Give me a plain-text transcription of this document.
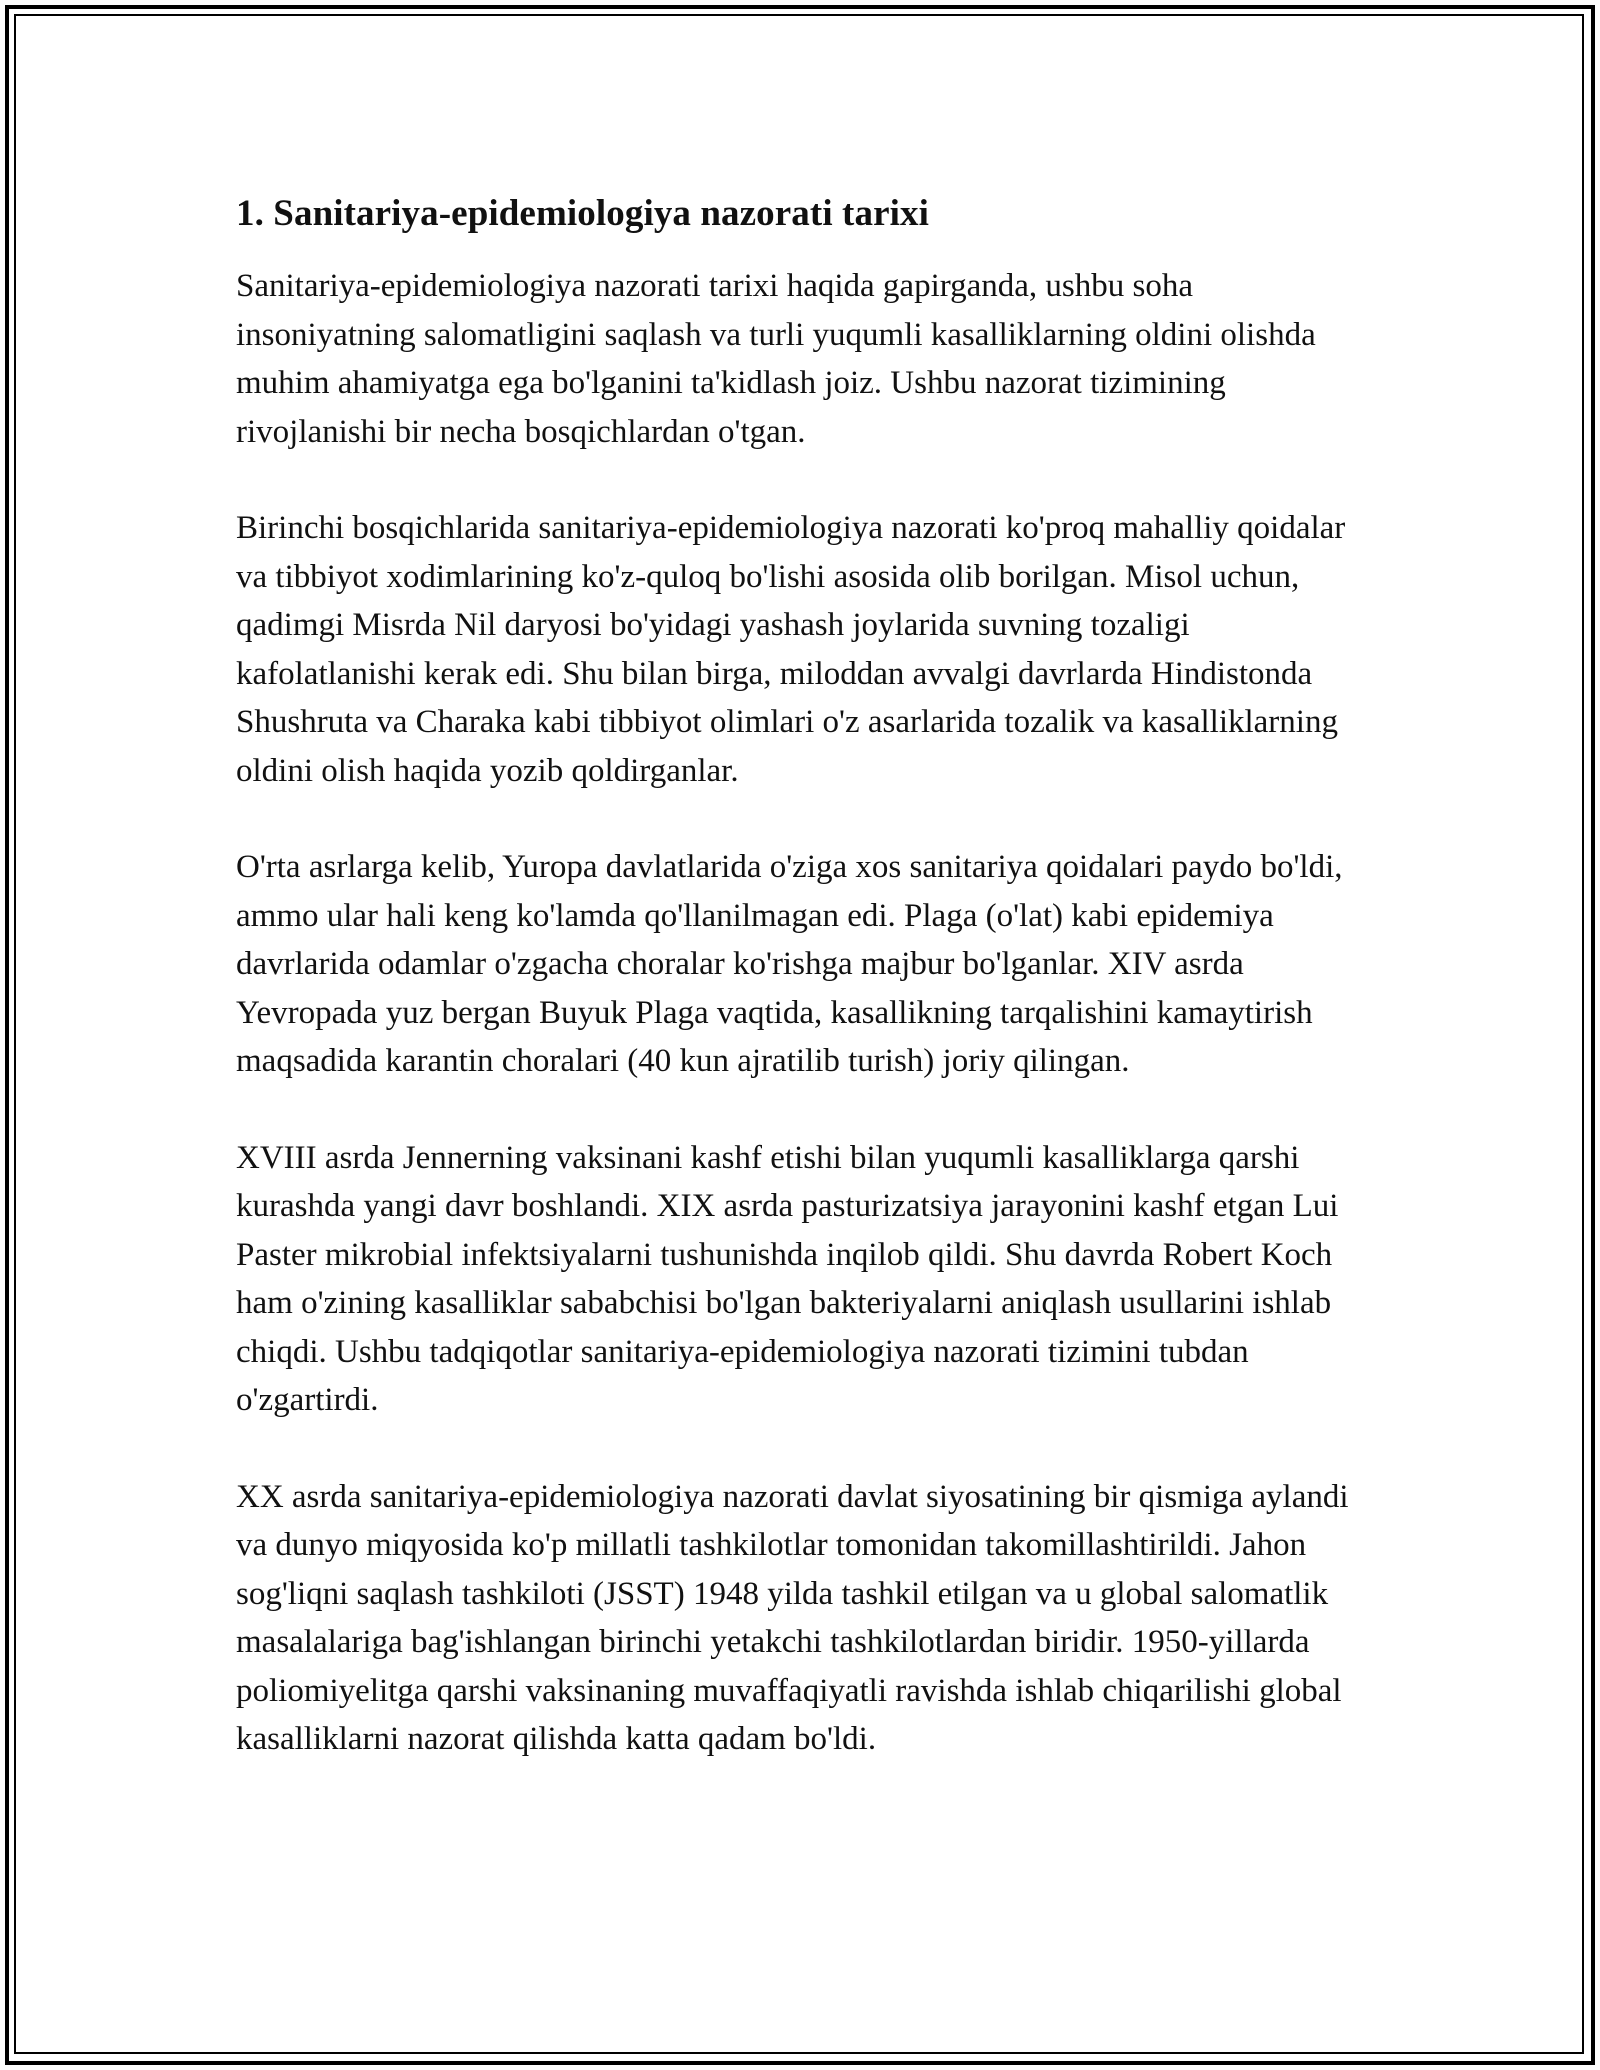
1. Sanitariya-epidemiologiya nazorati tarixi

Sanitariya-epidemiologiya nazorati tarixi haqida gapirganda, ushbu soha insoniyatning salomatligini saqlash va turli yuqumli kasalliklarning oldini olishda muhim ahamiyatga ega bo'lganini ta'kidlash joiz. Ushbu nazorat tizimining rivojlanishi bir necha bosqichlardan o'tgan.

Birinchi bosqichlarida sanitariya-epidemiologiya nazorati ko'proq mahalliy qoidalar va tibbiyot xodimlarining ko'z-quloq bo'lishi asosida olib borilgan. Misol uchun, qadimgi Misrda Nil daryosi bo'yidagi yashash joylarida suvning tozaligi kafolatlanishi kerak edi. Shu bilan birga, miloddan avvalgi davrlarda Hindistonda Shushruta va Charaka kabi tibbiyot olimlari o'z asarlarida tozalik va kasalliklarning oldini olish haqida yozib qoldirganlar.

O'rta asrlarga kelib, Yuropa davlatlarida o'ziga xos sanitariya qoidalari paydo bo'ldi, ammo ular hali keng ko'lamda qo'llanilmagan edi. Plaga (o'lat) kabi epidemiya davrlarida odamlar o'zgacha choralar ko'rishga majbur bo'lganlar. XIV asrda Yevropada yuz bergan Buyuk Plaga vaqtida, kasallikning tarqalishini kamaytirish maqsadida karantin choralari (40 kun ajratilib turish) joriy qilingan.

XVIII asrda Jennerning vaksinani kashf etishi bilan yuqumli kasalliklarga qarshi kurashda yangi davr boshlandi. XIX asrda pasturizatsiya jarayonini kashf etgan Lui Paster mikrobial infektsiyalarni tushunishda inqilob qildi. Shu davrda Robert Koch ham o'zining kasalliklar sababchisi bo'lgan bakteriyalarni aniqlash usullarini ishlab chiqdi. Ushbu tadqiqotlar sanitariya-epidemiologiya nazorati tizimini tubdan o'zgartirdi.

XX asrda sanitariya-epidemiologiya nazorati davlat siyosatining bir qismiga aylandi va dunyo miqyosida ko'p millatli tashkilotlar tomonidan takomillashtirildi. Jahon sog'liqni saqlash tashkiloti (JSST) 1948 yilda tashkil etilgan va u global salomatlik masalalariga bag'ishlangan birinchi yetakchi tashkilotlardan biridir. 1950-yillarda poliomiyelitga qarshi vaksinaning muvaffaqiyatli ravishda ishlab chiqarilishi global kasalliklarni nazorat qilishda katta qadam bo'ldi.
